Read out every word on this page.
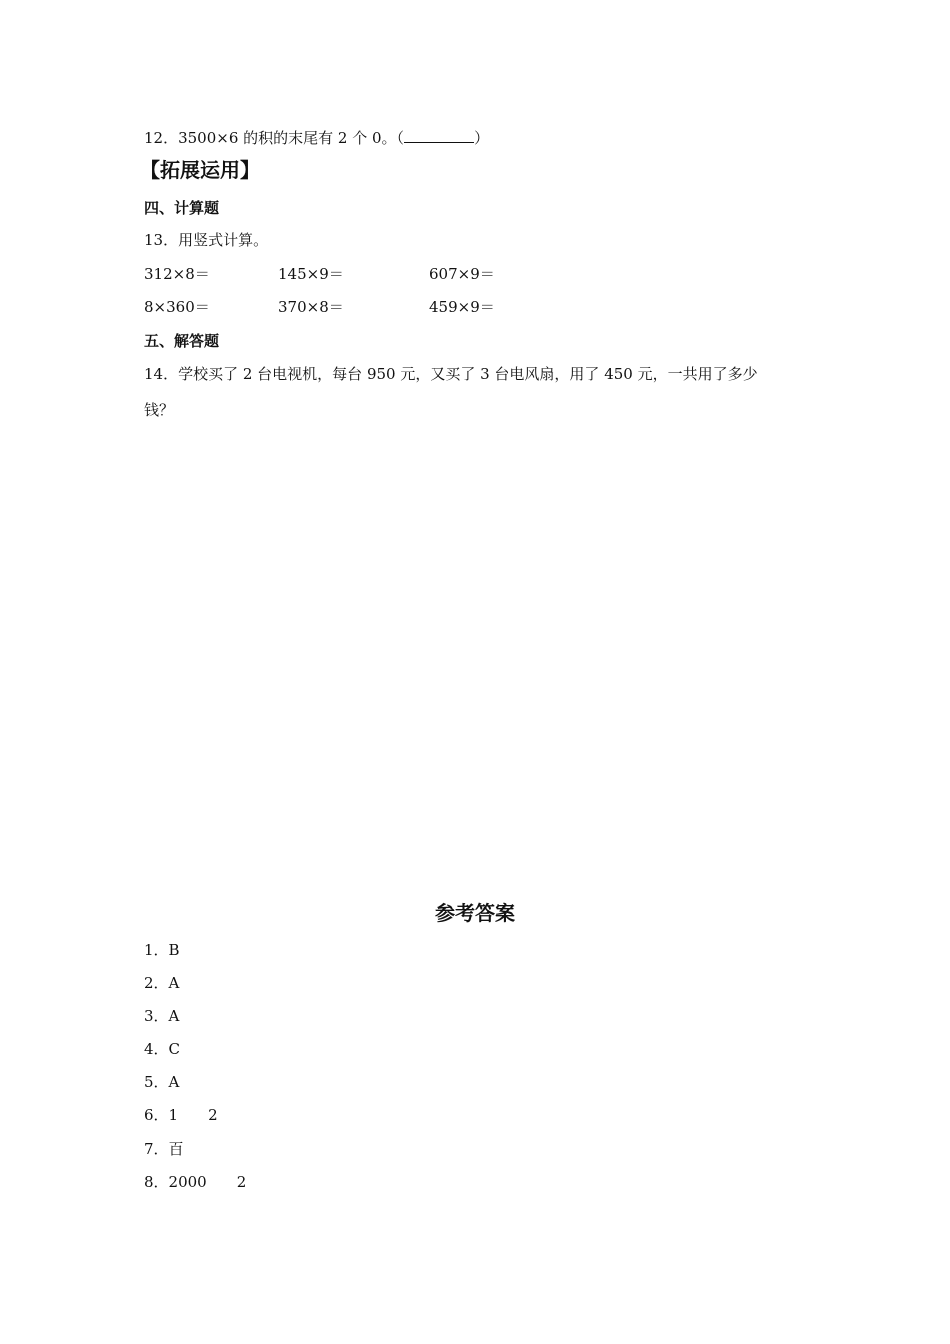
12．3500×6 的积的末尾有 2 个 0。（	）
【拓展运用】
四、计算题
13．用竖式计算。
312×8＝	145×9＝	607×9＝
8×360＝	370×8＝	459×9＝
五、解答题
14．学校买了 2 台电视机，每台 950 元，又买了 3 台电风扇，用了 450 元，一共用了多少
钱？
参考答案
1．B
2．A
3．A
4．C
5．A
6．1 2
7．百
8．2000 2
